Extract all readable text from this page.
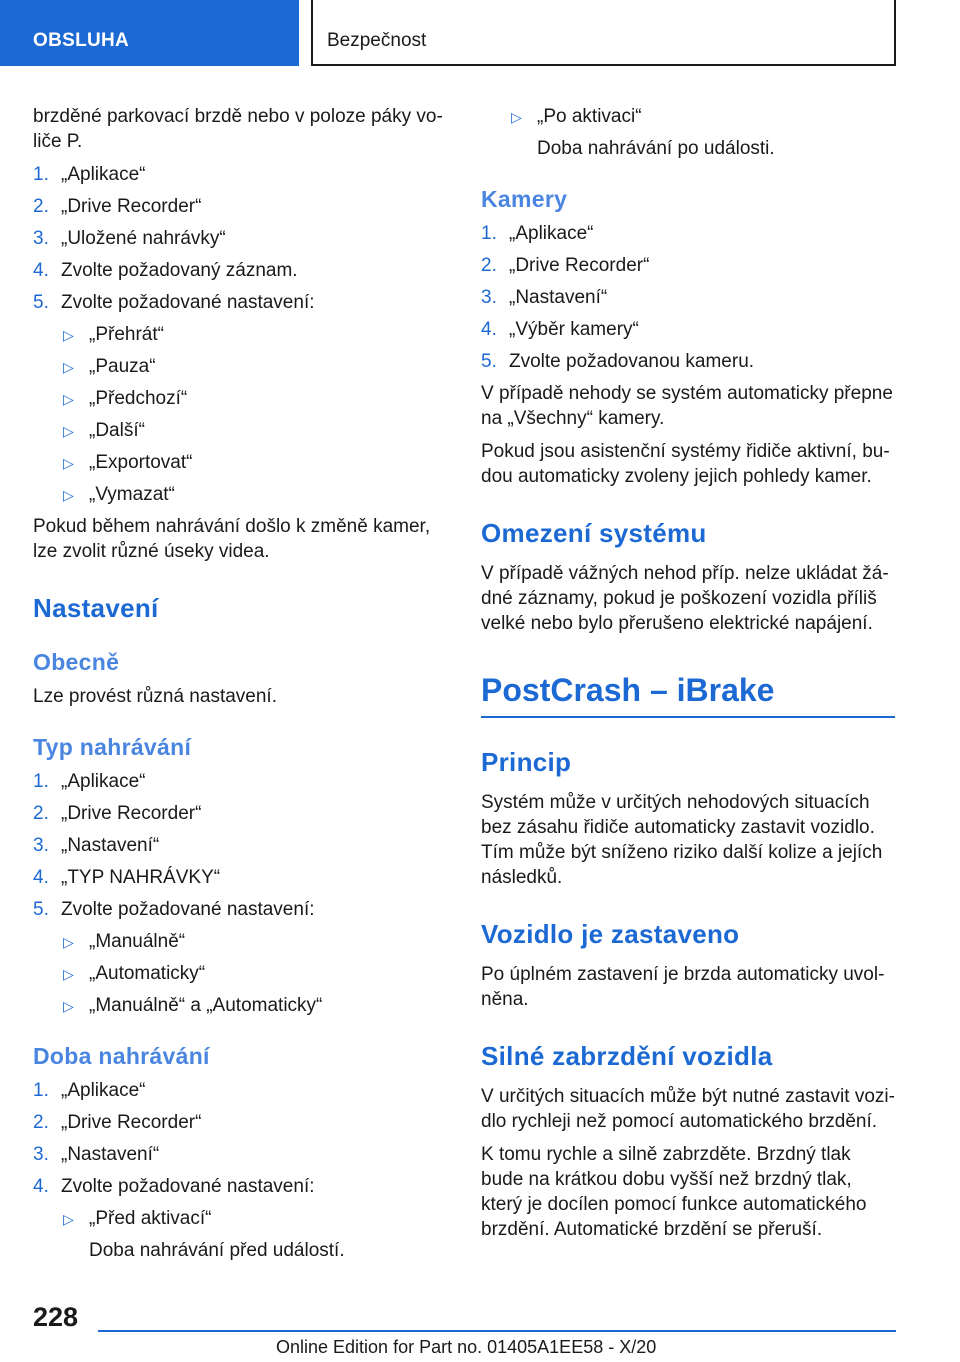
OBSLUHA	Bezpečnost
brzděné parkovací brzdě nebo v poloze páky vo-liče P.
1. „Aplikace“
2. „Drive Recorder“
3. „Uložené nahrávky“
4. Zvolte požadovaný záznam.
5. Zvolte požadované nastavení:
▷ „Přehrát“
▷ „Pauza“
▷ „Předchozí“
▷ „Další“
▷ „Exportovat“
▷ „Vymazat“
Pokud během nahrávání došlo k změně kamer, lze zvolit různé úseky videa.
Nastavení
Obecně
Lze provést různá nastavení.
Typ nahrávání
1. „Aplikace“
2. „Drive Recorder“
3. „Nastavení“
4. „TYP NAHRÁVKY“
5. Zvolte požadované nastavení:
▷ „Manuálně“
▷ „Automaticky“
▷ „Manuálně“ a „Automaticky“
Doba nahrávání
1. „Aplikace“
2. „Drive Recorder“
3. „Nastavení“
4. Zvolte požadované nastavení:
▷ „Před aktivací“
Doba nahrávání před událostí.
▷ „Po aktivaci“
Doba nahrávání po události.
Kamery
1. „Aplikace“
2. „Drive Recorder“
3. „Nastavení“
4. „Výběr kamery“
5. Zvolte požadovanou kameru.
V případě nehody se systém automaticky přepne na „Všechny“ kamery.
Pokud jsou asistenční systémy řidiče aktivní, bu-dou automaticky zvoleny jejich pohledy kamer.
Omezení systému
V případě vážných nehod příp. nelze ukládat žá-dné záznamy, pokud je poškození vozidla příliš velké nebo bylo přerušeno elektrické napájení.
PostCrash – iBrake
Princip
Systém může v určitých nehodových situacích bez zásahu řidiče automaticky zastavit vozidlo. Tím může být sníženo riziko další kolize a jejích následků.
Vozidlo je zastaveno
Po úplném zastavení je brzda automaticky uvol-něna.
Silné zabrzdění vozidla
V určitých situacích může být nutné zastavit vozi-dlo rychleji než pomocí automatického brzdění.
K tomu rychle a silně zabrzděte. Brzdný tlak bude na krátkou dobu vyšší než brzdný tlak, který je docílen pomocí funkce automatického brzdění. Automatické brzdění se přeruší.
228
Online Edition for Part no. 01405A1EE58 - X/20
